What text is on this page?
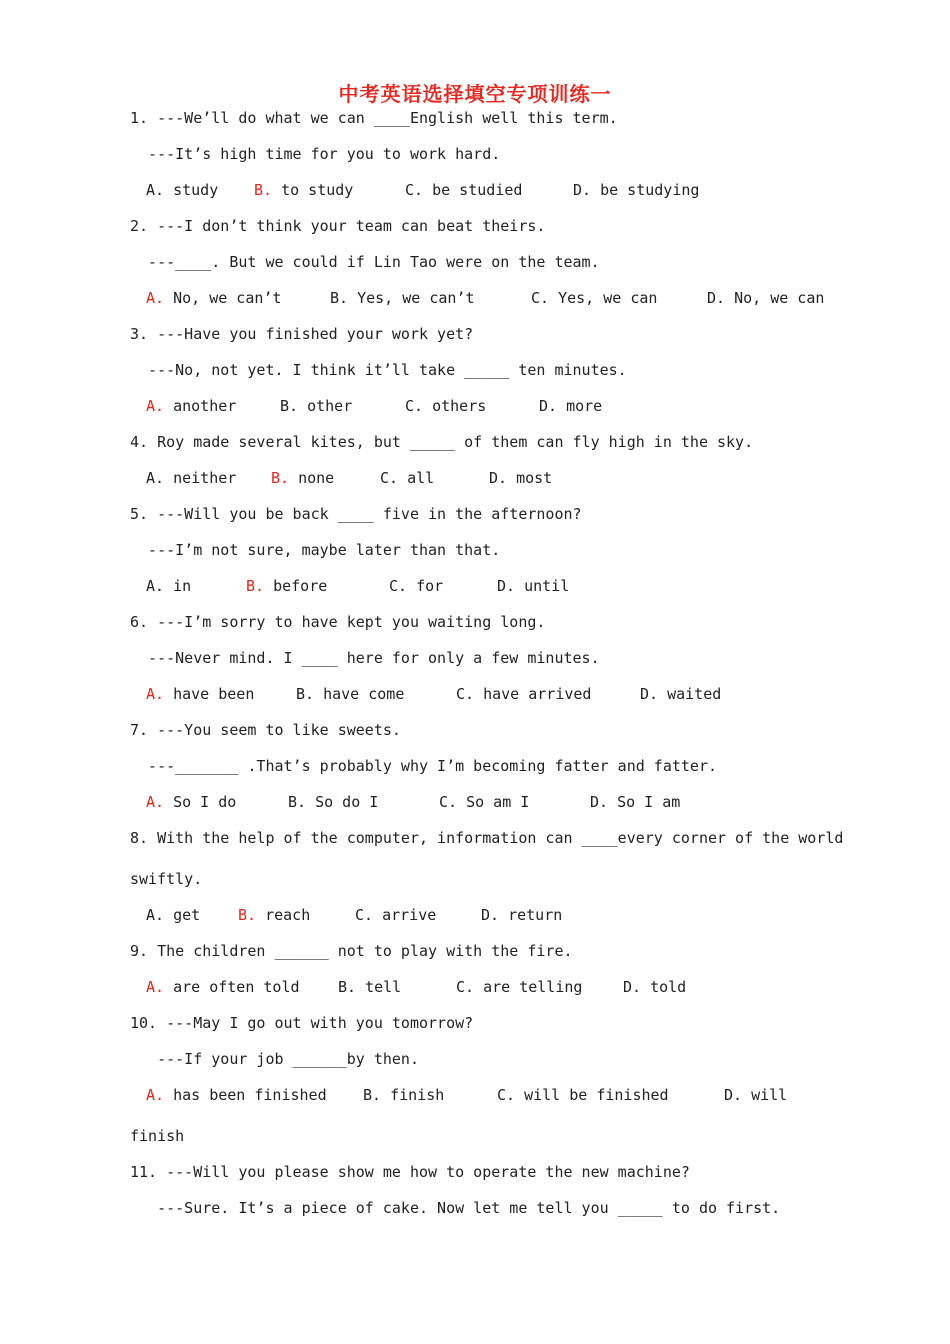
中考英语选择填空专项训练一
1. ---We’ll do what we can ____English well this term.
---It’s high time for you to work hard.
A. study B. to study	C. be studied	D. be studying
2. ---I don’t think your team can beat theirs.
---____. But we could if Lin Tao were on the team.
A. No, we can’t	B. Yes, we can’t	C. Yes, we can	D. No, we can
3. ---Have you finished your work yet?
---No, not yet. I think it’ll take _____ ten minutes.
A. another	B. other	C. others	D. more
4. Roy made several kites, but _____ of them can fly high in the sky.
A. neither B. none	C. all	D. most
5. ---Will you be back ____ five in the afternoon?
---I’m not sure, maybe later than that.
A. in	B. before	C. for	D. until
6. ---I’m sorry to have kept you waiting long.
---Never mind. I ____ here for only a few minutes.
A. have been	B. have come	C. have arrived	D. waited
7. ---You seem to like sweets.
---_______ .That’s probably why I’m becoming fatter and fatter.
A. So I do	B. So do I	C. So am I	D. So I am
8. With the help of the computer, information can ____every corner of the world
swiftly.
A. get	B. reach	C. arrive	D. return
9. The children ______ not to play with the fire.
A. are often told	B. tell	C. are telling	D. told
10. ---May I go out with you tomorrow?
---If your job ______by then.
A. has been finished B. finish	C. will be finished	D. will
finish
11. ---Will you please show me how to operate the new machine?
---Sure. It’s a piece of cake. Now let me tell you _____ to do first.
